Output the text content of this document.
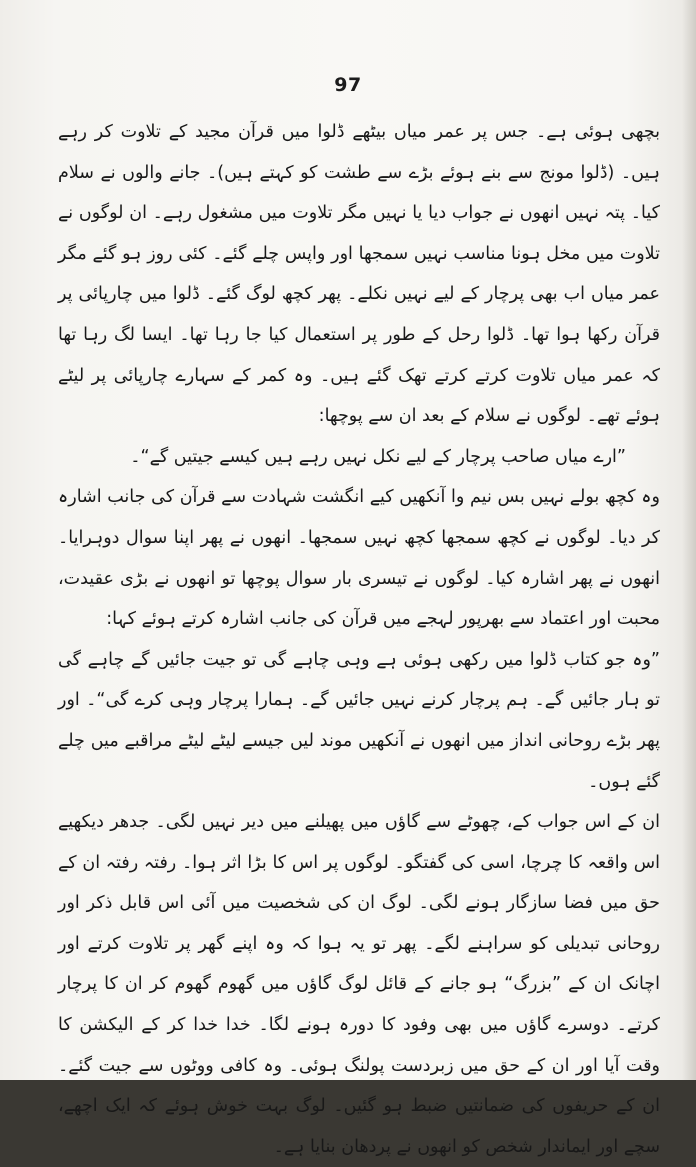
97

بچھی ہوئی ہے۔ جس پر عمر میاں بیٹھے ڈلوا میں قرآن مجید کے تلاوت کر رہے ہیں۔ (ڈلوا مونج سے بنے ہوئے بڑے سے طشت کو کہتے ہیں)۔ جانے والوں نے سلام کیا۔ پتہ نہیں انھوں نے جواب دیا یا نہیں مگر تلاوت میں مشغول رہے۔ ان لوگوں نے تلاوت میں مخل ہونا مناسب نہیں سمجھا اور واپس چلے گئے۔ کئی روز ہو گئے مگر عمر میاں اب بھی پرچار کے لیے نہیں نکلے۔ پھر کچھ لوگ گئے۔ ڈلوا میں چارپائی پر قرآن رکھا ہوا تھا۔ ڈلوا رحل کے طور پر استعمال کیا جا رہا تھا۔ ایسا لگ رہا تھا کہ عمر میاں تلاوت کرتے کرتے تھک گئے ہیں۔ وہ کمر کے سہارے چارپائی پر لیٹے ہوئے تھے۔ لوگوں نے سلام کے بعد ان سے پوچھا:

”ارے میاں صاحب پرچار کے لیے نکل نہیں رہے ہیں کیسے جیتیں گے“۔

وہ کچھ بولے نہیں بس نیم وا آنکھیں کیے انگشت شہادت سے قرآن کی جانب اشارہ کر دیا۔ لوگوں نے کچھ سمجھا کچھ نہیں سمجھا۔ انھوں نے پھر اپنا سوال دوہرایا۔ انھوں نے پھر اشارہ کیا۔ لوگوں نے تیسری بار سوال پوچھا تو انھوں نے بڑی عقیدت، محبت اور اعتماد سے بھرپور لہجے میں قرآن کی جانب اشارہ کرتے ہوئے کہا:

”وہ جو کتاب ڈلوا میں رکھی ہوئی ہے وہی چاہے گی تو جیت جائیں گے چاہے گی تو ہار جائیں گے۔ ہم پرچار کرنے نہیں جائیں گے۔ ہمارا پرچار وہی کرے گی“۔ اور پھر بڑے روحانی انداز میں انھوں نے آنکھیں موند لیں جیسے لیٹے لیٹے مراقبے میں چلے گئے ہوں۔

ان کے اس جواب کے، چھوٹے سے گاؤں میں پھیلنے میں دیر نہیں لگی۔ جدھر دیکھیے اس واقعہ کا چرچا، اسی کی گفتگو۔ لوگوں پر اس کا بڑا اثر ہوا۔ رفتہ رفتہ ان کے حق میں فضا سازگار ہونے لگی۔ لوگ ان کی شخصیت میں آئی اس قابل ذکر اور روحانی تبدیلی کو سراہنے لگے۔ پھر تو یہ ہوا کہ وہ اپنے گھر پر تلاوت کرتے اور اچانک ان کے ”بزرگ“ ہو جانے کے قائل لوگ گاؤں میں گھوم گھوم کر ان کا پرچار کرتے۔ دوسرے گاؤں میں بھی وفود کا دورہ ہونے لگا۔ خدا خدا کر کے الیکشن کا وقت آیا اور ان کے حق میں زبردست پولنگ ہوئی۔ وہ کافی ووٹوں سے جیت گئے۔ ان کے حریفوں کی ضمانتیں ضبط ہو گئیں۔ لوگ بہت خوش ہوئے کہ ایک اچھے، سچے اور ایماندار شخص کو انھوں نے پردھان بنایا ہے۔
